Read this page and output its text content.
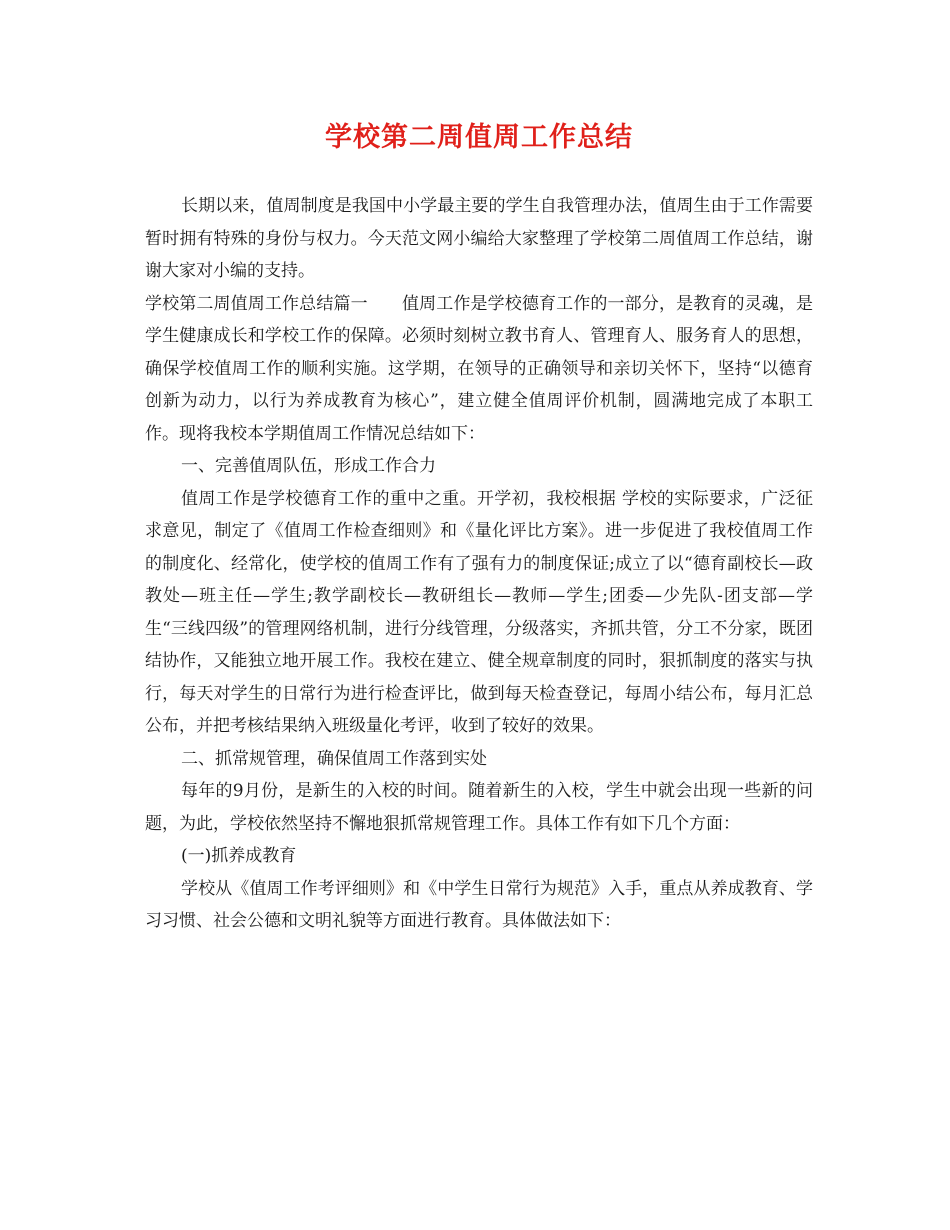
学校第二周值周工作总结

长期以来，值周制度是我国中小学最主要的学生自我管理办法，值周生由于工作需要暂时拥有特殊的身份与权力。今天范文网小编给大家整理了学校第二周值周工作总结，谢谢大家对小编的支持。

学校第二周值周工作总结篇一　　值周工作是学校德育工作的一部分，是教育的灵魂，是学生健康成长和学校工作的保障。必须时刻树立教书育人、管理育人、服务育人的思想，确保学校值周工作的顺利实施。这学期，在领导的正确领导和亲切关怀下，坚持“以德育创新为动力，以行为养成教育为核心”，建立健全值周评价机制，圆满地完成了本职工作。现将我校本学期值周工作情况总结如下：

一、完善值周队伍，形成工作合力

值周工作是学校德育工作的重中之重。开学初，我校根据 学校的实际要求，广泛征求意见，制定了《值周工作检查细则》和《量化评比方案》。进一步促进了我校值周工作的制度化、经常化，使学校的值周工作有了强有力的制度保证;成立了以“德育副校长—政教处—班主任—学生;教学副校长—教研组长—教师—学生;团委—少先队-团支部—学生“三线四级”的管理网络机制，进行分线管理，分级落实，齐抓共管，分工不分家，既团结协作，又能独立地开展工作。我校在建立、健全规章制度的同时，狠抓制度的落实与执行，每天对学生的日常行为进行检查评比，做到每天检查登记，每周小结公布，每月汇总公布，并把考核结果纳入班级量化考评，收到了较好的效果。

二、抓常规管理，确保值周工作落到实处

每年的9月份，是新生的入校的时间。随着新生的入校，学生中就会出现一些新的问题，为此，学校依然坚持不懈地狠抓常规管理工作。具体工作有如下几个方面：

(一)抓养成教育

学校从《值周工作考评细则》和《中学生日常行为规范》入手，重点从养成教育、学习习惯、社会公德和文明礼貌等方面进行教育。具体做法如下：
